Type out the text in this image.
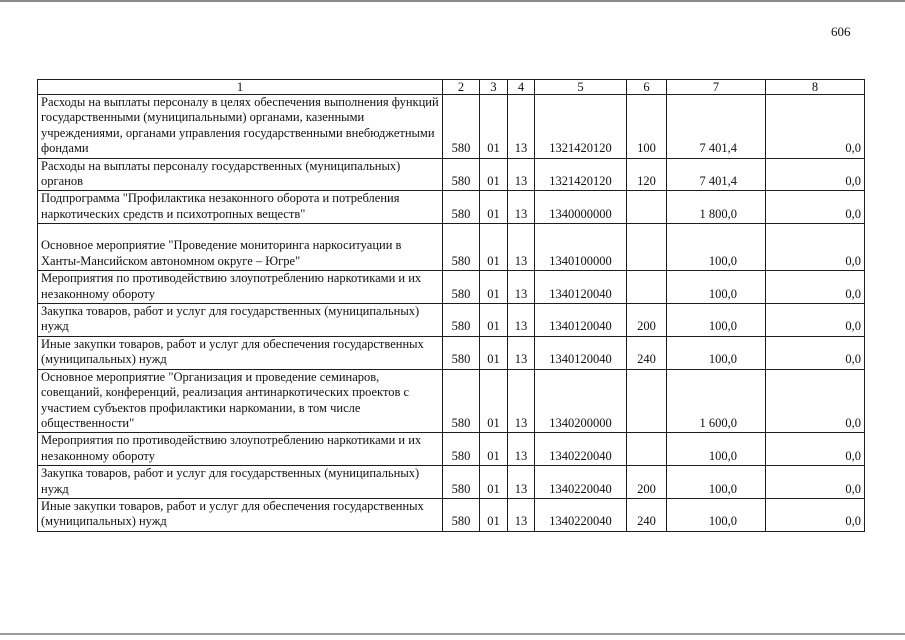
606
1	2	3	4	5	6	7	8
Расходы на выплаты персоналу в целях обеспечения выполнения функций государственными (муниципальными) органами, казенными учреждениями, органами управления государственными внебюджетными фондами	580	01	13	1321420120	100	7 401,4	0,0
Расходы на выплаты персоналу государственных (муниципальных) органов	580	01	13	1321420120	120	7 401,4	0,0
Подпрограмма "Профилактика незаконного оборота и потребления наркотических средств и психотропных веществ"	580	01	13	1340000000		1 800,0	0,0
Основное мероприятие "Проведение мониторинга наркоситуации в Ханты-Мансийском автономном округе – Югре"	580	01	13	1340100000		100,0	0,0
Мероприятия по противодействию злоупотреблению наркотиками и их незаконному обороту	580	01	13	1340120040		100,0	0,0
Закупка товаров, работ и услуг для государственных (муниципальных) нужд	580	01	13	1340120040	200	100,0	0,0
Иные закупки товаров, работ и услуг для обеспечения государственных (муниципальных) нужд	580	01	13	1340120040	240	100,0	0,0
Основное мероприятие "Организация и проведение семинаров, совещаний, конференций, реализация антинаркотических проектов с участием субъектов профилактики наркомании, в том числе общественности"	580	01	13	1340200000		1 600,0	0,0
Мероприятия по противодействию злоупотреблению наркотиками и их незаконному обороту	580	01	13	1340220040		100,0	0,0
Закупка товаров, работ и услуг для государственных (муниципальных) нужд	580	01	13	1340220040	200	100,0	0,0
Иные закупки товаров, работ и услуг для обеспечения государственных (муниципальных) нужд	580	01	13	1340220040	240	100,0	0,0
